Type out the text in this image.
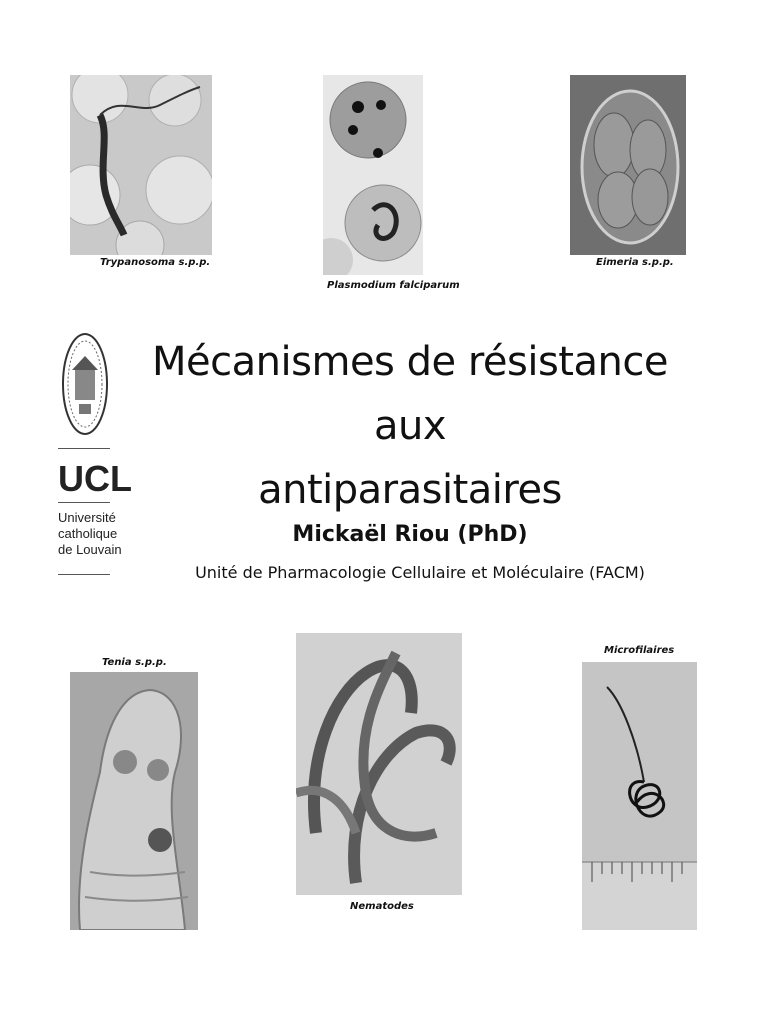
Trypanosoma s.p.p.
Plasmodium falciparum
Eimeria s.p.p.
UCL
Université
catholique
de Louvain
Mécanismes de résistance aux
antiparasitaires
Mickaël Riou (PhD)
Unité de Pharmacologie Cellulaire et Moléculaire (FACM)
Tenia s.p.p.
Nematodes
Microfilaires
